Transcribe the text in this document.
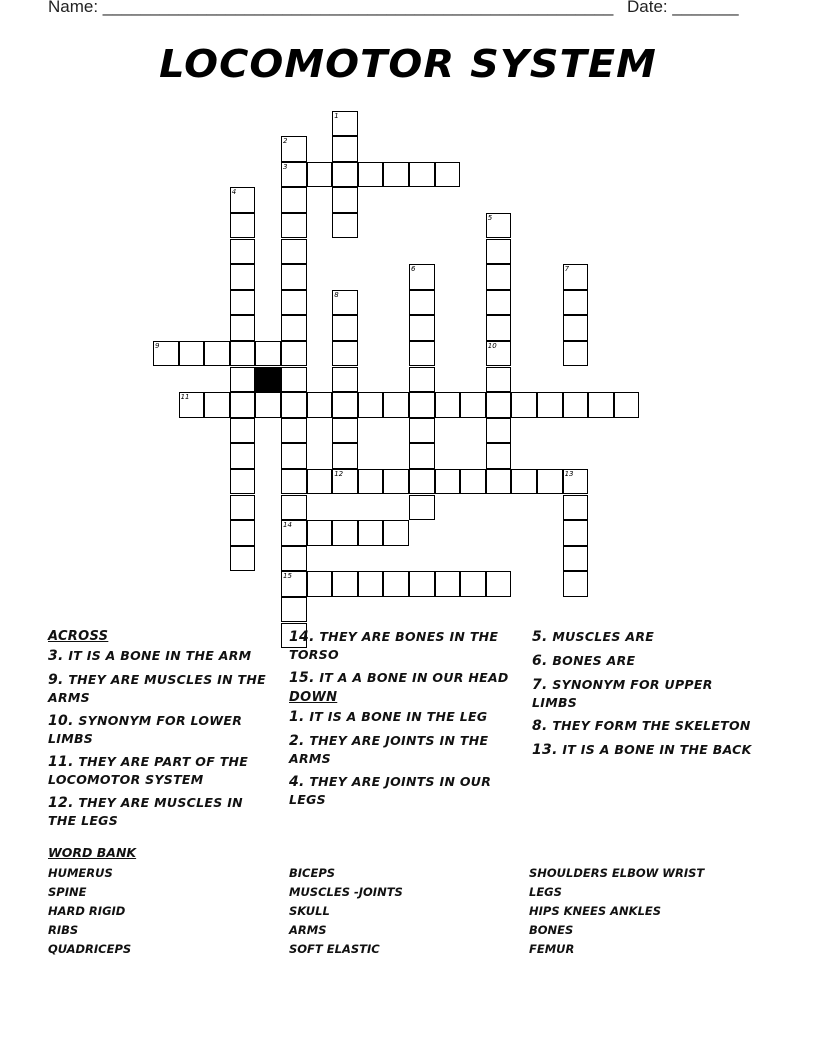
Name: ______________________________________________________ Date: _______
LOCOMOTOR SYSTEM
1
2
3
14
15
4
5
10
7
8
12
6
9
11
13
ACROSS
3. IT IS A BONE IN THE ARM
9. THEY ARE MUSCLES IN THE ARMS
10. SYNONYM FOR LOWER LIMBS
11. THEY ARE PART OF THE LOCOMOTOR SYSTEM
12. THEY ARE MUSCLES IN THE LEGS
14. THEY ARE BONES IN THE TORSO
15. IT A A BONE IN OUR HEAD
DOWN
1. IT IS A BONE IN THE LEG
2. THEY ARE JOINTS IN THE ARMS
4. THEY ARE JOINTS IN OUR LEGS
5. MUSCLES ARE
6. BONES ARE
7. SYNONYM FOR UPPER LIMBS
8. THEY FORM THE SKELETON
13. IT IS A BONE IN THE BACK
WORD BANK
HUMERUS
SPINE
HARD RIGID
RIBS
QUADRICEPS
BICEPS
MUSCLES -JOINTS
SKULL
ARMS
SOFT ELASTIC
SHOULDERS ELBOW WRIST
LEGS
HIPS KNEES ANKLES
BONES
FEMUR
